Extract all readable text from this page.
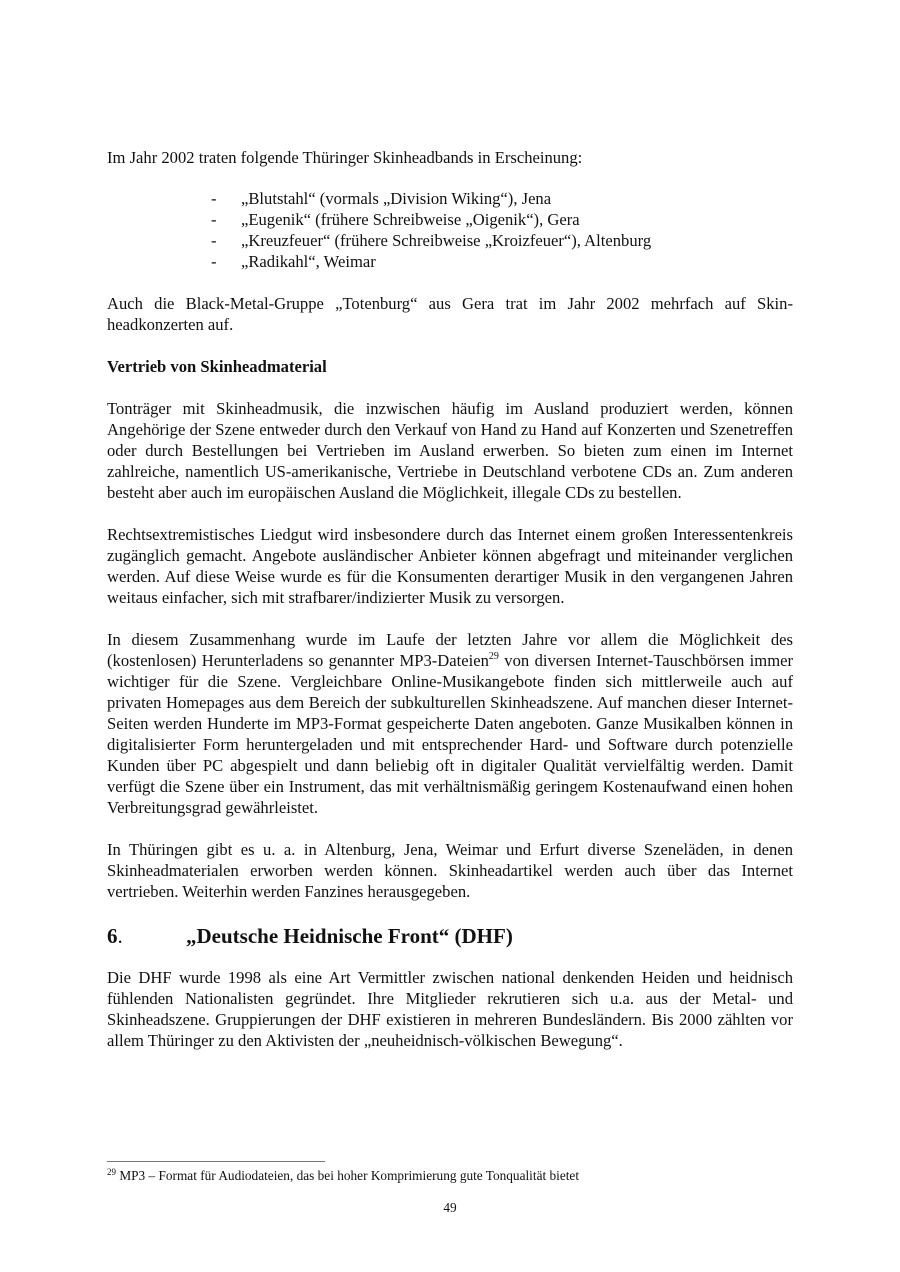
Im Jahr 2002 traten folgende Thüringer Skinheadbands in Erscheinung:

-	„Blutstahl“ (vormals „Division Wiking“), Jena
-	„Eugenik“ (frühere Schreibweise „Oigenik“), Gera
-	„Kreuzfeuer“ (frühere Schreibweise „Kroizfeuer“), Altenburg
-	„Radikahl“, Weimar

Auch die Black-Metal-Gruppe „Totenburg“ aus Gera trat im Jahr 2002 mehrfach auf Skinheadkonzerten auf.

Vertrieb von Skinheadmaterial

Tonträger mit Skinheadmusik, die inzwischen häufig im Ausland produziert werden, können Angehörige der Szene entweder durch den Verkauf von Hand zu Hand auf Konzerten und Szenetreffen oder durch Bestellungen bei Vertrieben im Ausland erwerben. So bieten zum einen im Internet zahlreiche, namentlich US-amerikanische, Vertriebe in Deutschland verbotene CDs an. Zum anderen besteht aber auch im europäischen Ausland die Möglichkeit, illegale CDs zu bestellen.

Rechtsextremistisches Liedgut wird insbesondere durch das Internet einem großen Interessentenkreis zugänglich gemacht. Angebote ausländischer Anbieter können abgefragt und miteinander verglichen werden. Auf diese Weise wurde es für die Konsumenten derartiger Musik in den vergangenen Jahren weitaus einfacher, sich mit strafbarer/indizierter Musik zu versorgen.

In diesem Zusammenhang wurde im Laufe der letzten Jahre vor allem die Möglichkeit des (kostenlosen) Herunterladens so genannter MP3-Dateien$^{29}$ von diversen Internet-Tauschbörsen immer wichtiger für die Szene. Vergleichbare Online-Musikangebote finden sich mittlerweile auch auf privaten Homepages aus dem Bereich der subkulturellen Skinheadszene. Auf manchen dieser Internet-Seiten werden Hunderte im MP3-Format gespeicherte Daten angeboten. Ganze Musikalben können in digitalisierter Form heruntergeladen und mit entsprechender Hard- und Software durch potenzielle Kunden über PC abgespielt und dann beliebig oft in digitaler Qualität vervielfältig werden. Damit verfügt die Szene über ein Instrument, das mit verhältnismäßig geringem Kostenaufwand einen hohen Verbreitungsgrad gewährleistet.

In Thüringen gibt es u. a. in Altenburg, Jena, Weimar und Erfurt diverse Szeneläden, in denen Skinheadmaterialen erworben werden können. Skinheadartikel werden auch über das Internet vertrieben. Weiterhin werden Fanzines herausgegeben.

6.	„Deutsche Heidnische Front“ (DHF)

Die DHF wurde 1998 als eine Art Vermittler zwischen national denkenden Heiden und heidnisch fühlenden Nationalisten gegründet. Ihre Mitglieder rekrutieren sich u.a. aus der Metal- und Skinheadszene. Gruppierungen der DHF existieren in mehreren Bundesländern. Bis 2000 zählten vor allem Thüringer zu den Aktivisten der „neuheidnisch-völkischen Bewegung“.

$^{29}$ MP3 – Format für Audiodateien, das bei hoher Komprimierung gute Tonqualität bietet

49
